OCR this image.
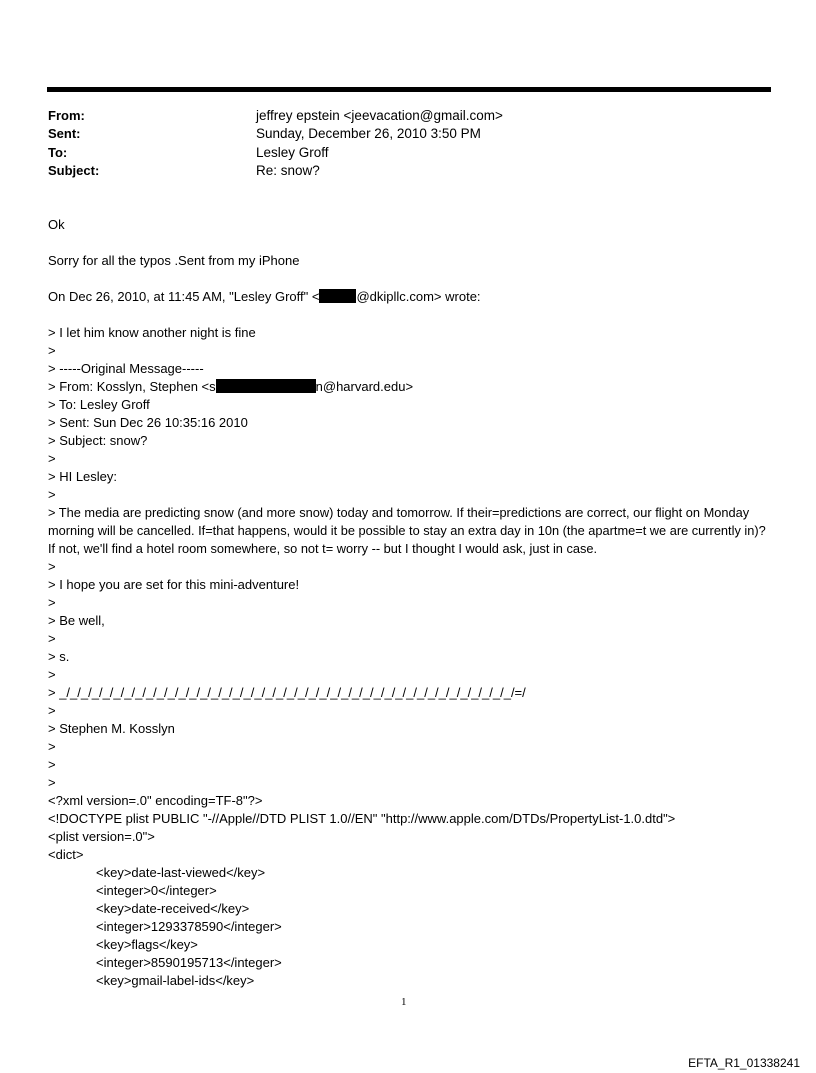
From:	jeffrey epstein <jeevacation@gmail.com>
Sent:	Sunday, December 26, 2010 3:50 PM
To:	Lesley Groff
Subject:	Re: snow?
Ok
Sorry for all the typos .Sent from my iPhone
On Dec 26, 2010, at 11:45 AM, "Lesley Groff" <	@dkipllc.com> wrote:
> I let him know another night is fine
>
> -----Original Message-----
> From: Kosslyn, Stephen <s	n@harvard.edu>
> To: Lesley Groff
> Sent: Sun Dec 26 10:35:16 2010
> Subject: snow?
>
> HI Lesley:
>
> The media are predicting snow (and more snow) today and tomorrow. If their=predictions are correct, our flight on Monday morning will be cancelled. If=that happens, would it be possible to stay an extra day in 10n (the apartme=t we are currently in)? If not, we'll find a hotel room somewhere, so not t= worry -- but I thought I would ask, just in case.
>
> I hope you are set for this mini-adventure!
>
> Be well,
>
> s.
>
> _/_/_/_/_/_/_/_/_/_/_/_/_/_/_/_/_/_/_/_/_/_/_/_/_/_/_/_/_/_/_/_/_/_/_/_/_/_/_/_/_/_/=/
>
> Stephen M. Kosslyn
>
>
>
<?xml version=.0" encoding=TF-8"?>
<!DOCTYPE plist PUBLIC "-//Apple//DTD PLIST 1.0//EN" "http://www.apple.com/DTDs/PropertyList-1.0.dtd">
<plist version=.0">
<dict>
<key>date-last-viewed</key>
<integer>0</integer>
<key>date-received</key>
<integer>1293378590</integer>
<key>flags</key>
<integer>8590195713</integer>
<key>gmail-label-ids</key>
1
EFTA_R1_01338241
